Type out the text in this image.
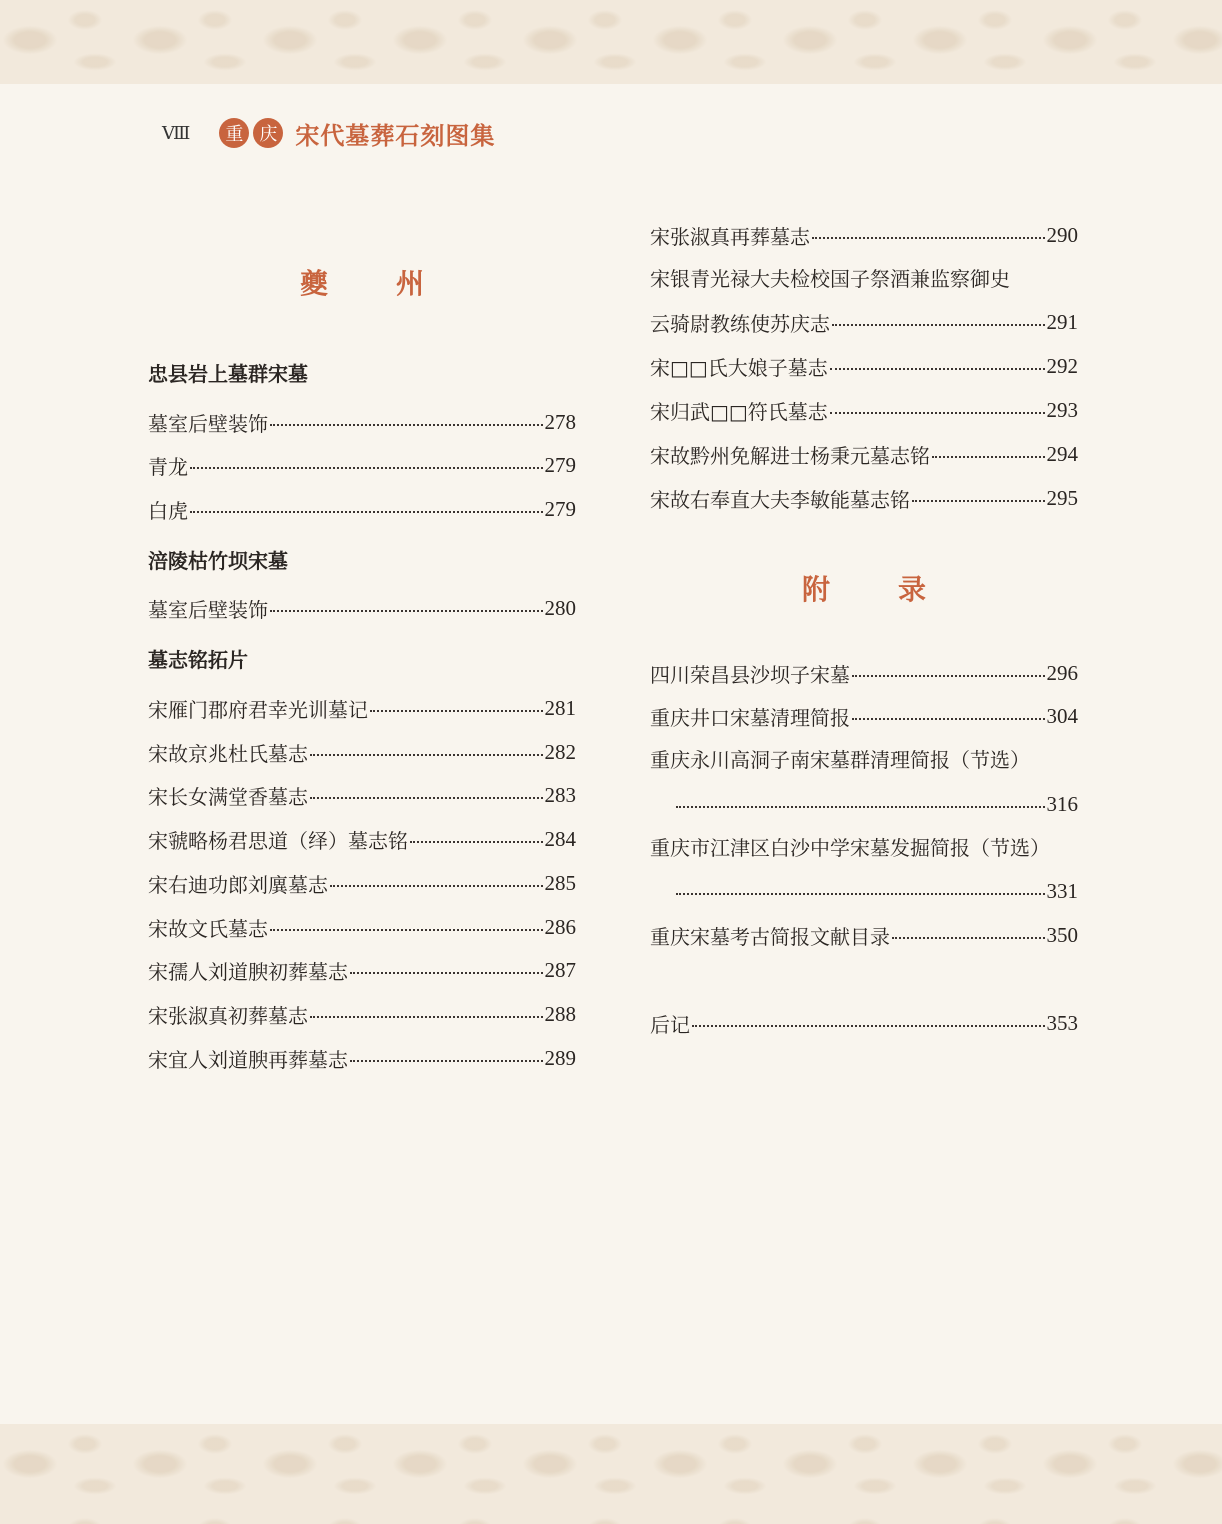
Ⅷ	重 庆 宋代墓葬石刻图集
夔　州
忠县岩上墓群宋墓
墓室后壁装饰	278
青龙	279
白虎	279
涪陵枯竹坝宋墓
墓室后壁装饰	280
墓志铭拓片
宋雁门郡府君幸光训墓记	281
宋故京兆杜氏墓志	282
宋长女满堂香墓志	283
宋虢略杨君思道（绎）墓志铭	284
宋右迪功郎刘廙墓志	285
宋故文氏墓志	286
宋孺人刘道腴初葬墓志	287
宋张淑真初葬墓志	288
宋宜人刘道腴再葬墓志	289
宋张淑真再葬墓志	290
宋银青光禄大夫检校国子祭酒兼监察御史
云骑尉教练使苏庆志	291
宋□□氏大娘子墓志	292
宋归武□□符氏墓志	293
宋故黔州免解进士杨秉元墓志铭	294
宋故右奉直大夫李敏能墓志铭	295
附　录
四川荣昌县沙坝子宋墓	296
重庆井口宋墓清理简报	304
重庆永川高洞子南宋墓群清理简报（节选）
316
重庆市江津区白沙中学宋墓发掘简报（节选）
331
重庆宋墓考古简报文献目录	350
后记	353
